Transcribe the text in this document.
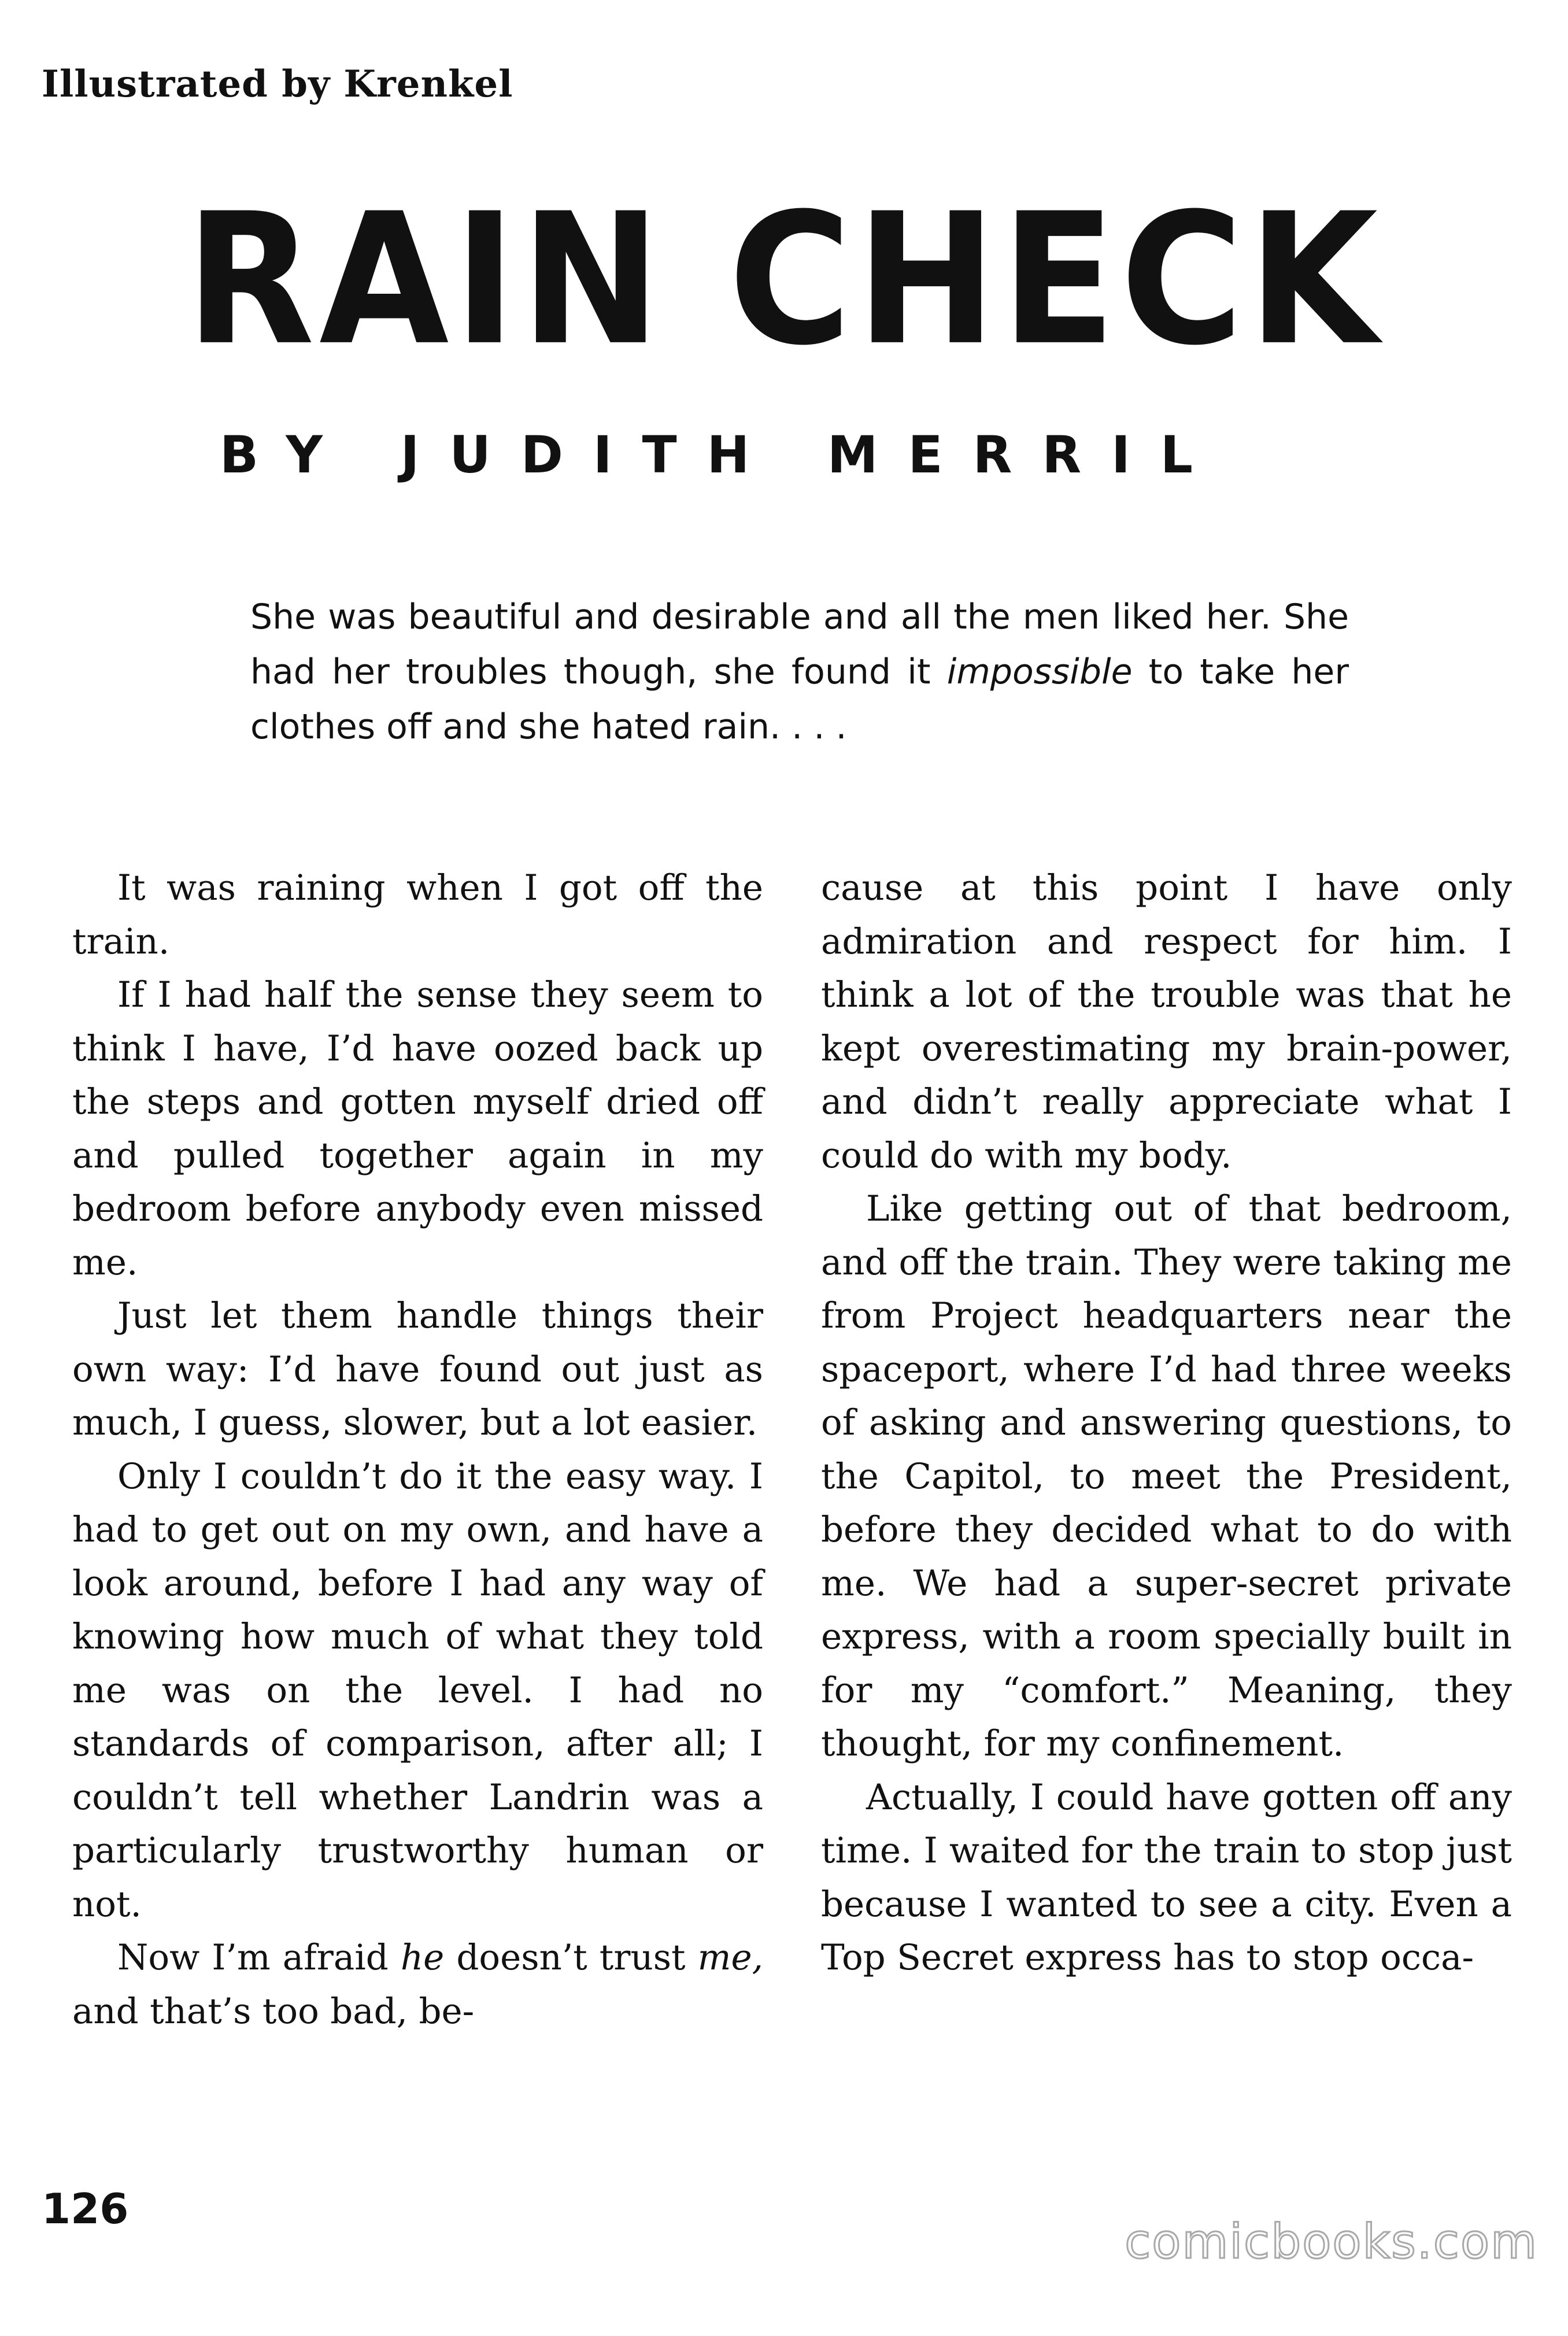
Illustrated by Krenkel
RAIN CHECK
BY JUDITH MERRIL
She was beautiful and desirable and all the men liked her. She had her troubles though, she found it impossible to take her clothes off and she hated rain. . . .

It was raining when I got off the train.

If I had half the sense they seem to think I have, I’d have oozed back up the steps and gotten myself dried off and pulled together again in my bedroom before anybody even missed me.

Just let them handle things their own way: I’d have found out just as much, I guess, slower, but a lot easier.

Only I couldn’t do it the easy way. I had to get out on my own, and have a look around, before I had any way of knowing how much of what they told me was on the level. I had no standards of comparison, after all; I couldn’t tell whether Landrin was a particularly trustworthy human or not.

Now I’m afraid he doesn’t trust me, and that’s too bad, be-

cause at this point I have only admiration and respect for him. I think a lot of the trouble was that he kept overestimating my brain-power, and didn’t really appreciate what I could do with my body.

Like getting out of that bedroom, and off the train. They were taking me from Project headquarters near the spaceport, where I’d had three weeks of asking and answering questions, to the Capitol, to meet the President, before they decided what to do with me. We had a super-secret private express, with a room specially built in for my “comfort.” Meaning, they thought, for my confinement.

Actually, I could have gotten off any time. I waited for the train to stop just because I wanted to see a city. Even a Top Secret express has to stop occa-

126
comicbooks.com
